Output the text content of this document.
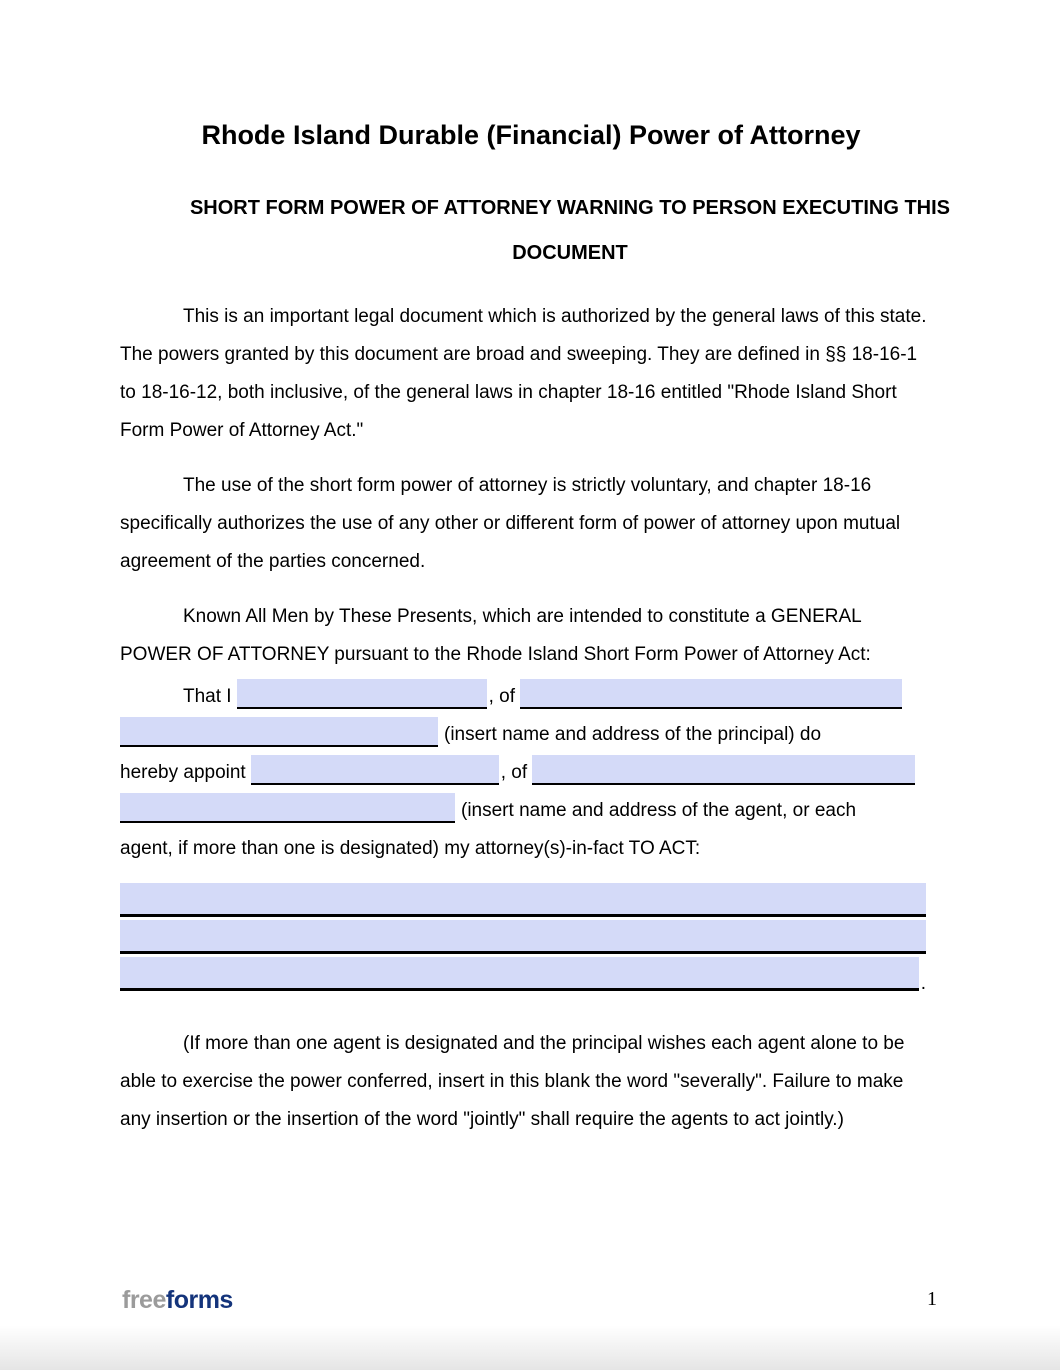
Rhode Island Durable (Financial) Power of Attorney
SHORT FORM POWER OF ATTORNEY WARNING TO PERSON EXECUTING THIS
DOCUMENT

This is an important legal document which is authorized by the general laws of this state. The powers granted by this document are broad and sweeping. They are defined in §§ 18-16-1 to 18-16-12, both inclusive, of the general laws in chapter 18-16 entitled "Rhode Island Short Form Power of Attorney Act."

The use of the short form power of attorney is strictly voluntary, and chapter 18-16 specifically authorizes the use of any other or different form of power of attorney upon mutual agreement of the parties concerned.

Known All Men by These Presents, which are intended to constitute a GENERAL POWER OF ATTORNEY pursuant to the Rhode Island Short Form Power of Attorney Act:

That I	, of
(insert name and address of the principal) do
hereby appoint	, of
(insert name and address of the agent, or each
agent, if more than one is designated) my attorney(s)-in-fact TO ACT:
.

(If more than one agent is designated and the principal wishes each agent alone to be able to exercise the power conferred, insert in this blank the word "severally". Failure to make any insertion or the insertion of the word "jointly" shall require the agents to act jointly.)

freeforms	1
